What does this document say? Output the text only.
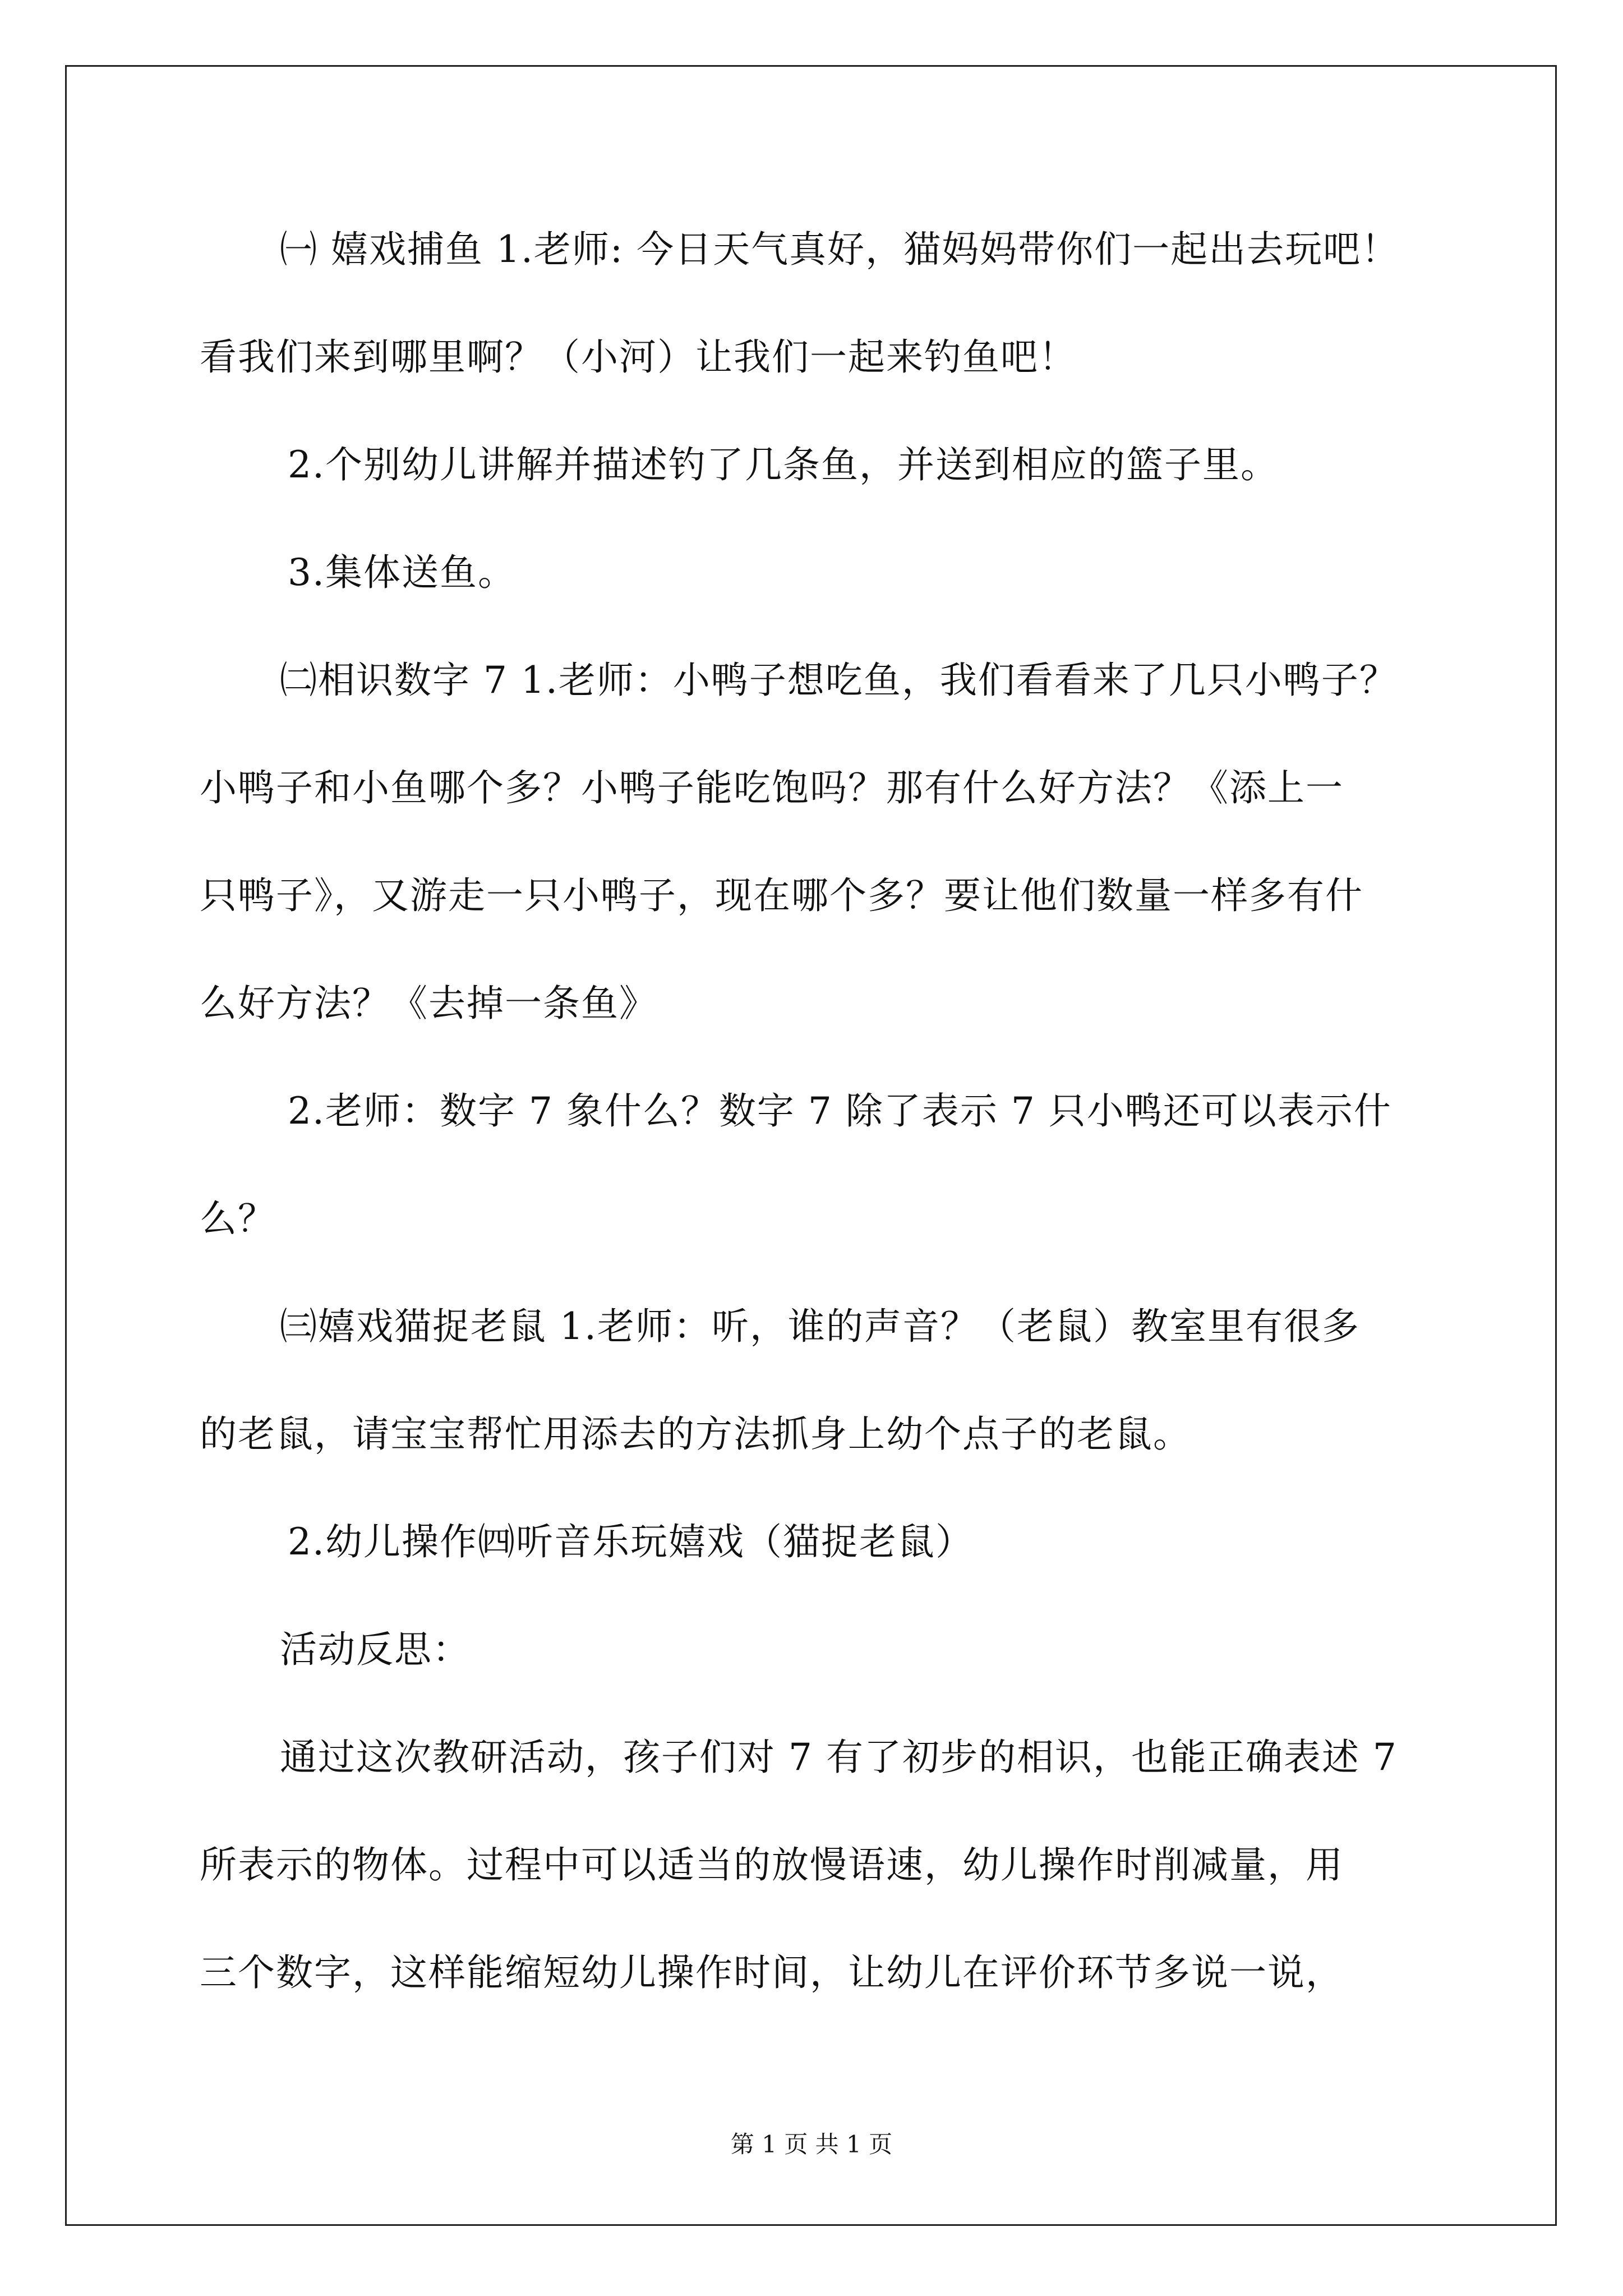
㈠ 嬉戏捕鱼 1.老师: 今日天气真好，猫妈妈带你们一起出去玩吧！
看我们来到哪里啊？（小河）让我们一起来钓鱼吧！
2.个别幼儿讲解并描述钓了几条鱼，并送到相应的篮子里。
3.集体送鱼。
㈡相识数字 7 1.老师：小鸭子想吃鱼，我们看看来了几只小鸭子？
小鸭子和小鱼哪个多？小鸭子能吃饱吗？那有什么好方法？《添上一
只鸭子》，又游走一只小鸭子，现在哪个多？要让他们数量一样多有什
么好方法？《去掉一条鱼》
2.老师：数字 7 象什么？数字 7 除了表示 7 只小鸭还可以表示什
么？
㈢嬉戏猫捉老鼠 1.老师：听，谁的声音？（老鼠）教室里有很多
的老鼠，请宝宝帮忙用添去的方法抓身上幼个点子的老鼠。
2.幼儿操作㈣听音乐玩嬉戏（猫捉老鼠）
活动反思：
通过这次教研活动，孩子们对 7 有了初步的相识，也能正确表述 7
所表示的物体。过程中可以适当的放慢语速，幼儿操作时削减量，用
三个数字，这样能缩短幼儿操作时间，让幼儿在评价环节多说一说，
第 1 页 共 1 页
